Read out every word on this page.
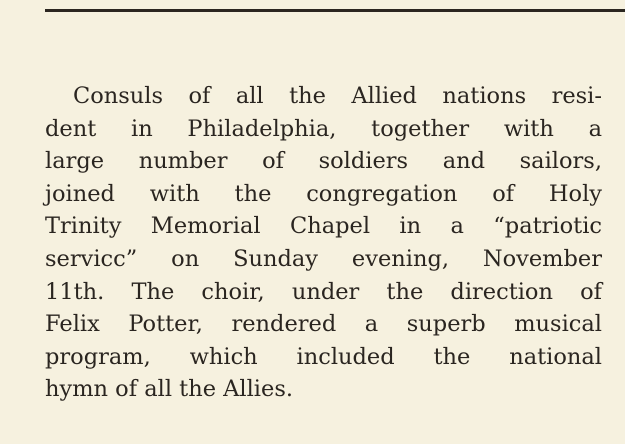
Consuls of all the Allied nations resi-
dent in Philadelphia, together with a
large number of soldiers and sailors,
joined with the congregation of Holy
Trinity Memorial Chapel in a “patriotic
servicc” on Sunday evening, November
11th. The choir, under the direction of
Felix Potter, rendered a superb musical
program, which included the national
hymn of all the Allies.
